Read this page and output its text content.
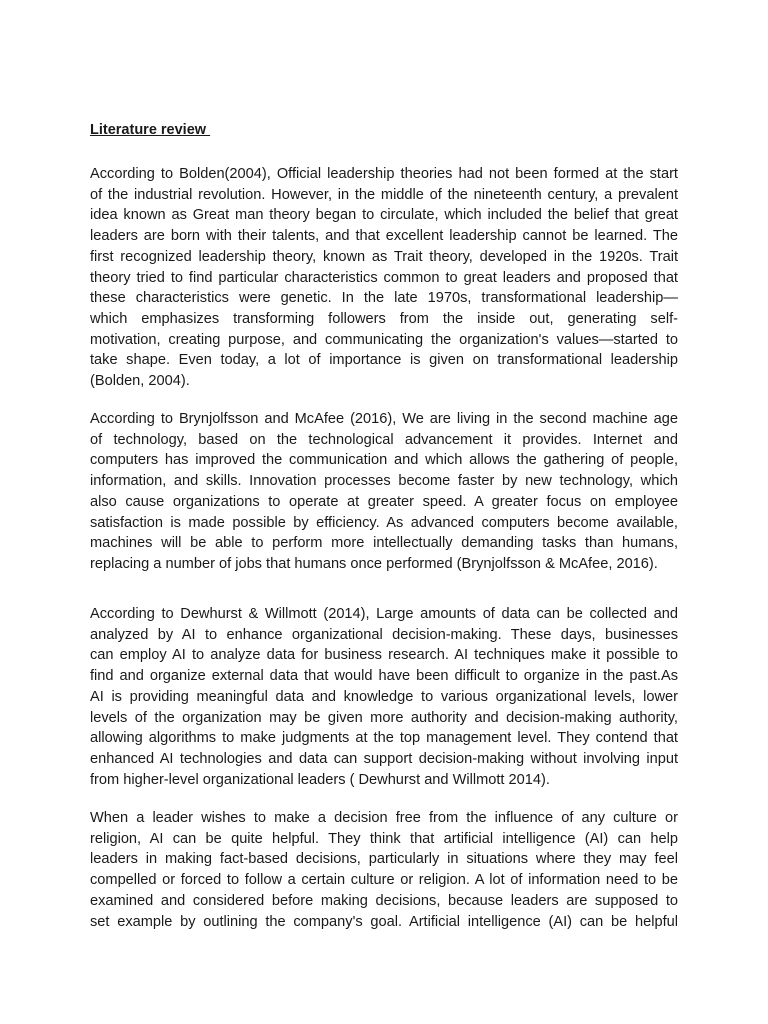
Literature review
According to Bolden(2004), Official leadership theories had not been formed at the start
of the industrial revolution. However, in the middle of the nineteenth century, a prevalent
idea known as Great man theory began to circulate, which included the belief that great
leaders are born with their talents, and that excellent leadership cannot be learned. The
first recognized leadership theory, known as Trait theory, developed in the 1920s. Trait
theory tried to find particular characteristics common to great leaders and proposed that
these characteristics were genetic. In the late 1970s, transformational leadership—
which emphasizes transforming followers from the inside out, generating self-
motivation, creating purpose, and communicating the organization's values—started to
take shape. Even today, a lot of importance is given on transformational leadership
(Bolden, 2004).
According to Brynjolfsson and McAfee (2016), We are living in the second machine age
of technology, based on the technological advancement it provides. Internet and
computers has improved the communication and which allows the gathering of people,
information, and skills. Innovation processes become faster by new technology, which
also cause organizations to operate at greater speed. A greater focus on employee
satisfaction is made possible by efficiency. As advanced computers become available,
machines will be able to perform more intellectually demanding tasks than humans,
replacing a number of jobs that humans once performed (Brynjolfsson & McAfee, 2016).
According to Dewhurst & Willmott (2014), Large amounts of data can be collected and
analyzed by AI to enhance organizational decision-making. These days, businesses
can employ AI to analyze data for business research. AI techniques make it possible to
find and organize external data that would have been difficult to organize in the past.As
AI is providing meaningful data and knowledge to various organizational levels, lower
levels of the organization may be given more authority and decision-making authority,
allowing algorithms to make judgments at the top management level. They contend that
enhanced AI technologies and data can support decision-making without involving input
from higher-level organizational leaders ( Dewhurst and Willmott 2014).
When a leader wishes to make a decision free from the influence of any culture or
religion, AI can be quite helpful. They think that artificial intelligence (AI) can help
leaders in making fact-based decisions, particularly in situations where they may feel
compelled or forced to follow a certain culture or religion. A lot of information need to be
examined and considered before making decisions, because leaders are supposed to
set example by outlining the company's goal. Artificial intelligence (AI) can be helpful
